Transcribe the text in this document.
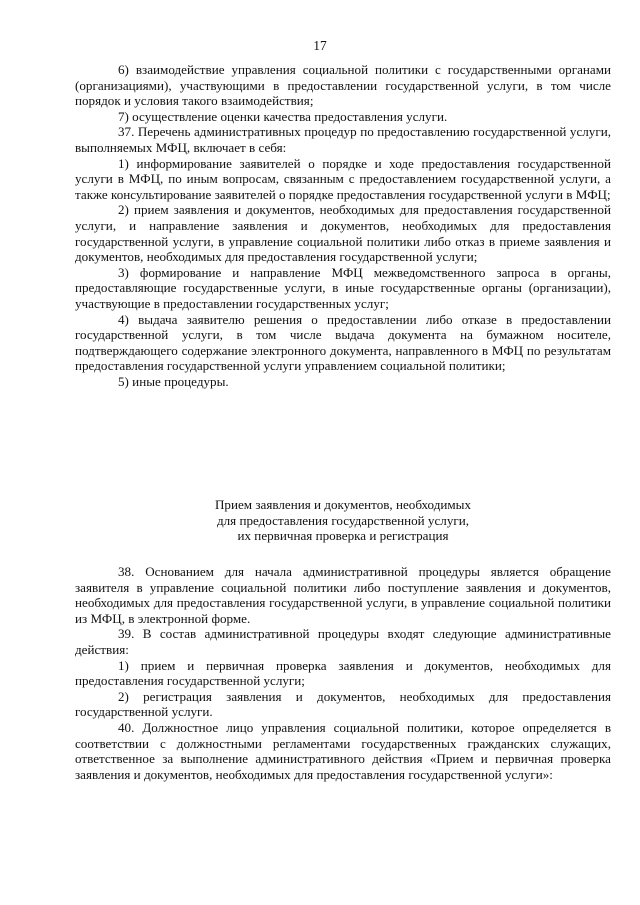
17

6) взаимодействие управления социальной политики с государственными органами (организациями), участвующими в предоставлении государственной услуги, в том числе порядок и условия такого взаимодействия;

7) осуществление оценки качества предоставления услуги.

37. Перечень административных процедур по предоставлению государственной услуги, выполняемых МФЦ, включает в себя:

1) информирование заявителей о порядке и ходе предоставления государственной услуги в МФЦ, по иным вопросам, связанным с предоставлением государственной услуги, а также консультирование заявителей о порядке предоставления государственной услуги в МФЦ;

2) прием заявления и документов, необходимых для предоставления государственной услуги, и направление заявления и документов, необходимых для предоставления государственной услуги, в управление социальной политики либо отказ в приеме заявления и документов, необходимых для предоставления государственной услуги;

3) формирование и направление МФЦ межведомственного запроса в органы, предоставляющие государственные услуги, в иные государственные органы (организации), участвующие в предоставлении государственных услуг;

4) выдача заявителю решения о предоставлении либо отказе в предоставлении государственной услуги, в том числе выдача документа на бумажном носителе, подтверждающего содержание электронного документа, направленного в МФЦ по результатам предоставления государственной услуги управлением социальной политики;

5) иные процедуры.

Прием заявления и документов, необходимых
для предоставления государственной услуги,
их первичная проверка и регистрация

38. Основанием для начала административной процедуры является обращение заявителя в управление социальной политики либо поступление заявления и документов, необходимых для предоставления государственной услуги, в управление социальной политики из МФЦ, в электронной форме.

39. В состав административной процедуры входят следующие административные действия:

1) прием и первичная проверка заявления и документов, необходимых для предоставления государственной услуги;

2) регистрация заявления и документов, необходимых для предоставления государственной услуги.

40. Должностное лицо управления социальной политики, которое определяется в соответствии с должностными регламентами государственных гражданских служащих, ответственное за выполнение административного действия «Прием и первичная проверка заявления и документов, необходимых для предоставления государственной услуги»:
